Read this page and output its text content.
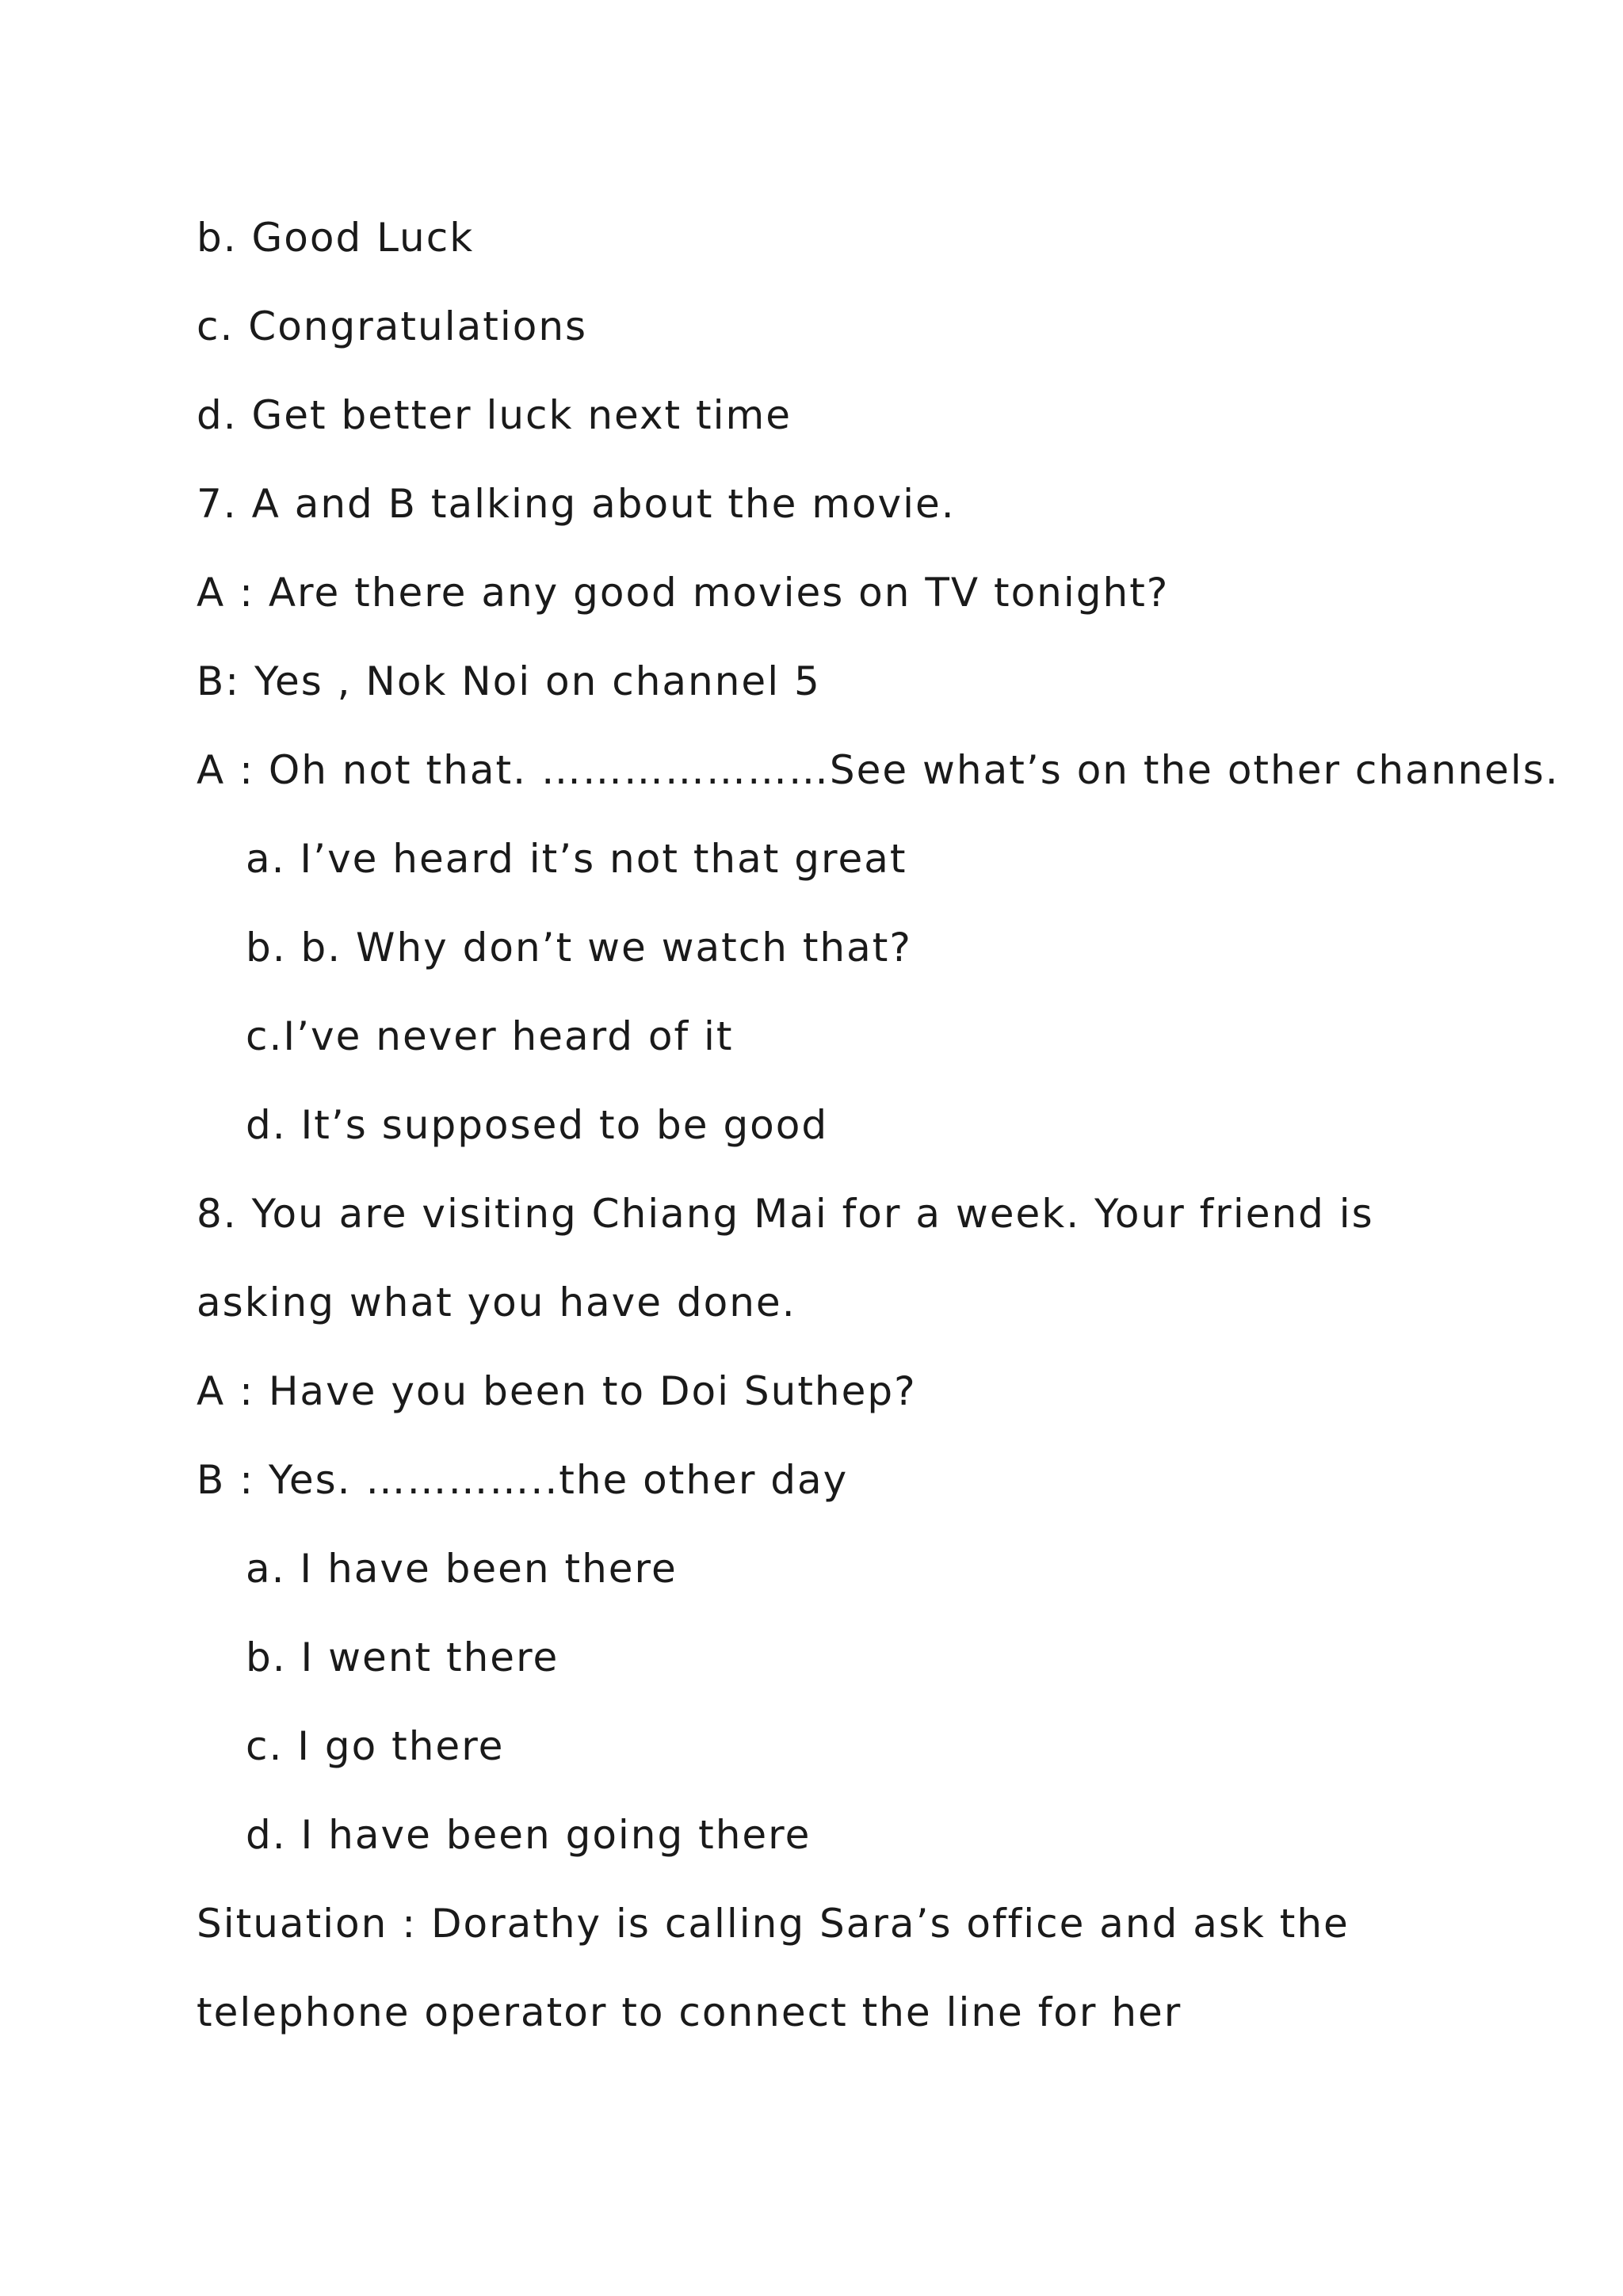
b. Good Luck
c. Congratulations
d. Get better luck next time
7. A and B talking about the movie.
A : Are there any good movies on TV tonight?
B: Yes , Nok Noi on channel 5
A : Oh not that. …………………See what’s on the other channels.
a. I’ve heard it’s not that great
b. b. Why don’t we watch that?
c.I’ve never heard of it
d. It’s supposed to be good
8. You are visiting Chiang Mai for a week. Your friend is
asking what you have done.
A : Have you been to Doi Suthep?
B : Yes. …………..the other day
a. I have been there
b. I went there
c. I go there
d. I have been going there
Situation : Dorathy is calling Sara’s office and ask the
telephone operator to connect the line for her
